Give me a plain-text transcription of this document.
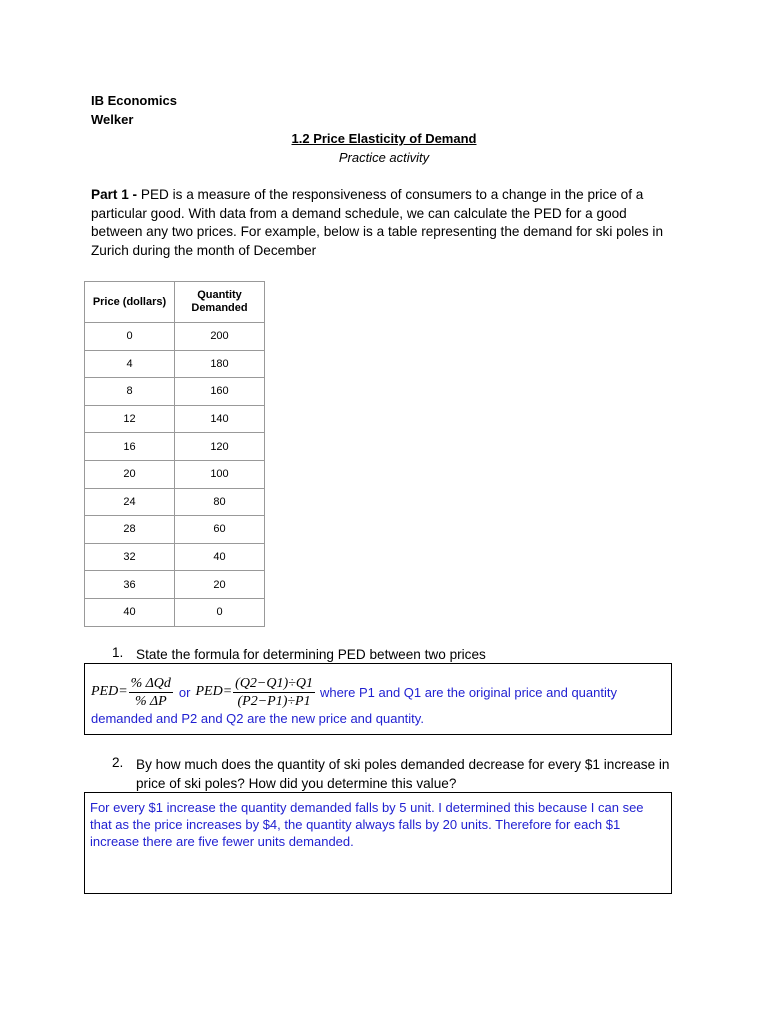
IB Economics
Welker
1.2 Price Elasticity of Demand
Practice activity
Part 1 - PED is a measure of the responsiveness of consumers to a change in the price of a particular good. With data from a demand schedule, we can calculate the PED for a good between any two prices. For example, below is a table representing the demand for ski poles in Zurich during the month of December
Price (dollars)	Quantity Demanded
0	200
4	180
8	160
12	140
16	120
20	100
24	80
28	60
32	40
36	20
40	0
1. State the formula for determining PED between two prices
$PED= \frac{\text{\% ΔQd}}{\% \Delta P}$ or $PED= \frac{(Q2-Q1)\div Q1}{(P2-P1)\div P1}$ where P1 and Q1 are the original price and quantity
demanded and P2 and Q2 are the new price and quantity.
2. By how much does the quantity of ski poles demanded decrease for every $1 increase in price of ski poles? How did you determine this value?
For every $1 increase the quantity demanded falls by 5 unit. I determined this because I can see that as the price increases by $4, the quantity always falls by 20 units. Therefore for each $1 increase there are five fewer units demanded.
